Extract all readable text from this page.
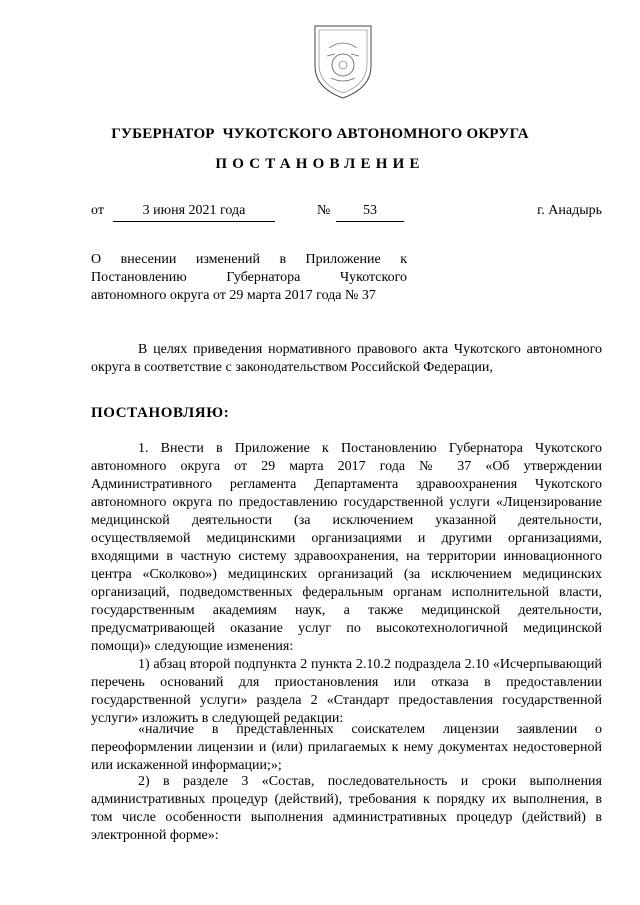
ГУБЕРНАТОР  ЧУКОТСКОГО АВТОНОМНОГО ОКРУГА
ПОСТАНОВЛЕНИЕ
от	3 июня 2021 года	№	53	г. Анадырь
О внесении изменений в Приложение к Постановлению Губернатора Чукотского автономного округа от 29 марта 2017 года № 37
В целях приведения нормативного правового акта Чукотского автономного округа в соответствие с законодательством Российской Федерации,
ПОСТАНОВЛЯЮ:
1. Внести в Приложение к Постановлению Губернатора Чукотского автономного округа от 29 марта 2017 года № 37 «Об утверждении Административного регламента Департамента здравоохранения Чукотского автономного округа по предоставлению государственной услуги «Лицензирование медицинской деятельности (за исключением указанной деятельности, осуществляемой медицинскими организациями и другими организациями, входящими в частную систему здравоохранения, на территории инновационного центра «Сколково») медицинских организаций (за исключением медицинских организаций, подведомственных федеральным органам исполнительной власти, государственным академиям наук, а также медицинской деятельности, предусматривающей оказание услуг по высокотехнологичной медицинской помощи)» следующие изменения:
1) абзац второй подпункта 2 пункта 2.10.2 подраздела 2.10 «Исчерпывающий перечень оснований для приостановления или отказа в предоставлении государственной услуги» раздела 2 «Стандарт предоставления государственной услуги» изложить в следующей редакции:
«наличие в представленных соискателем лицензии заявлении о переоформлении лицензии и (или) прилагаемых к нему документах недостоверной или искаженной информации;»;
2) в разделе 3 «Состав, последовательность и сроки выполнения административных процедур (действий), требования к порядку их выполнения, в том числе особенности выполнения административных процедур (действий) в электронной форме»:
